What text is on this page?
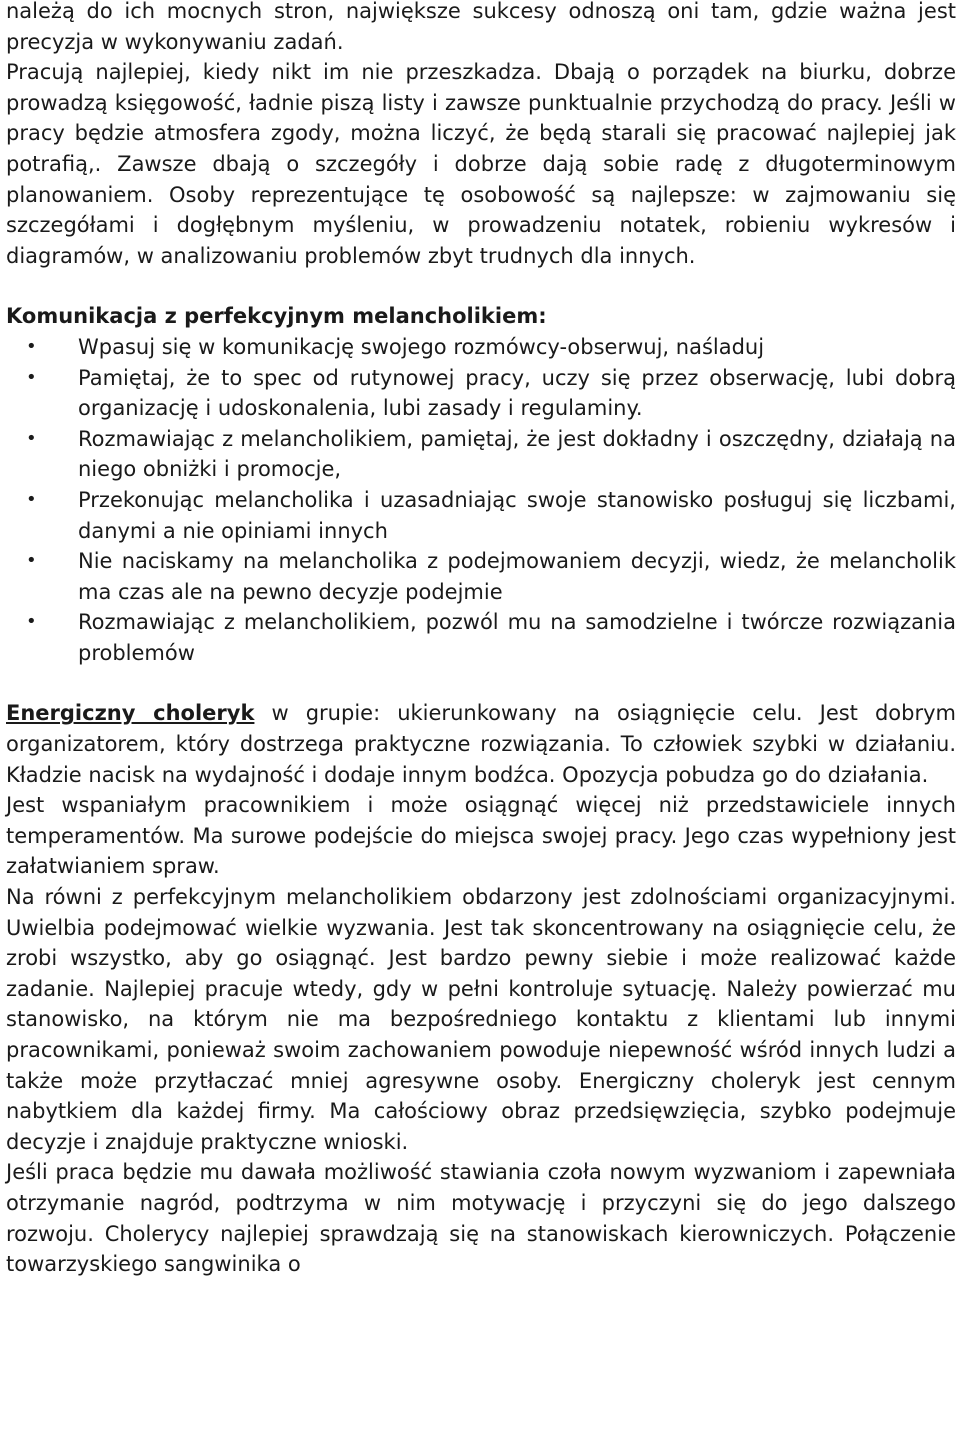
należą do ich mocnych stron, największe sukcesy odnoszą oni tam, gdzie ważna jest precyzja w wykonywaniu zadań.

Pracują najlepiej, kiedy nikt im nie przeszkadza. Dbają o porządek na biurku, dobrze prowadzą księgowość, ładnie piszą listy i zawsze punktualnie przychodzą do pracy. Jeśli w pracy będzie atmosfera zgody, można liczyć, że będą starali się pracować najlepiej jak potrafią,. Zawsze dbają o szczegóły i dobrze dają sobie radę z długoterminowym planowaniem. Osoby reprezentujące tę osobowość są najlepsze: w zajmowaniu się szczegółami i dogłębnym myśleniu, w prowadzeniu notatek, robieniu wykresów i diagramów, w analizowaniu problemów zbyt trudnych dla innych.

Komunikacja z perfekcyjnym melancholikiem:

• Wpasuj się w komunikację swojego rozmówcy-obserwuj, naśladuj
• Pamiętaj, że to spec od rutynowej pracy, uczy się przez obserwację, lubi dobrą organizację i udoskonalenia, lubi zasady i regulaminy.
• Rozmawiając z melancholikiem, pamiętaj, że jest dokładny i oszczędny, działają na niego obniżki i promocje,
• Przekonując melancholika i uzasadniając swoje stanowisko posługuj się liczbami, danymi a nie opiniami innych
• Nie naciskamy na melancholika z podejmowaniem decyzji, wiedz, że melancholik ma czas ale na pewno decyzje podejmie
• Rozmawiając z melancholikiem, pozwól mu na samodzielne i twórcze rozwiązania problemów

Energiczny choleryk w grupie: ukierunkowany na osiągnięcie celu. Jest dobrym organizatorem, który dostrzega praktyczne rozwiązania. To człowiek szybki w działaniu. Kładzie nacisk na wydajność i dodaje innym bodźca. Opozycja pobudza go do działania.

Jest wspaniałym pracownikiem i może osiągnąć więcej niż przedstawiciele innych temperamentów. Ma surowe podejście do miejsca swojej pracy. Jego czas wypełniony jest załatwianiem spraw.

Na równi z perfekcyjnym melancholikiem obdarzony jest zdolnościami organizacyjnymi. Uwielbia podejmować wielkie wyzwania. Jest tak skoncentrowany na osiągnięcie celu, że zrobi wszystko, aby go osiągnąć. Jest bardzo pewny siebie i może realizować każde zadanie. Najlepiej pracuje wtedy, gdy w pełni kontroluje sytuację. Należy powierzać mu stanowisko, na którym nie ma bezpośredniego kontaktu z klientami lub innymi pracownikami, ponieważ swoim zachowaniem powoduje niepewność wśród innych ludzi a także może przytłaczać mniej agresywne osoby. Energiczny choleryk jest cennym nabytkiem dla każdej firmy. Ma całościowy obraz przedsięwzięcia, szybko podejmuje decyzje i znajduje praktyczne wnioski.

Jeśli praca będzie mu dawała możliwość stawiania czoła nowym wyzwaniom i zapewniała otrzymanie nagród, podtrzyma w nim motywację i przyczyni się do jego dalszego rozwoju. Cholerycy najlepiej sprawdzają się na stanowiskach kierowniczych. Połączenie towarzyskiego sangwinika o
